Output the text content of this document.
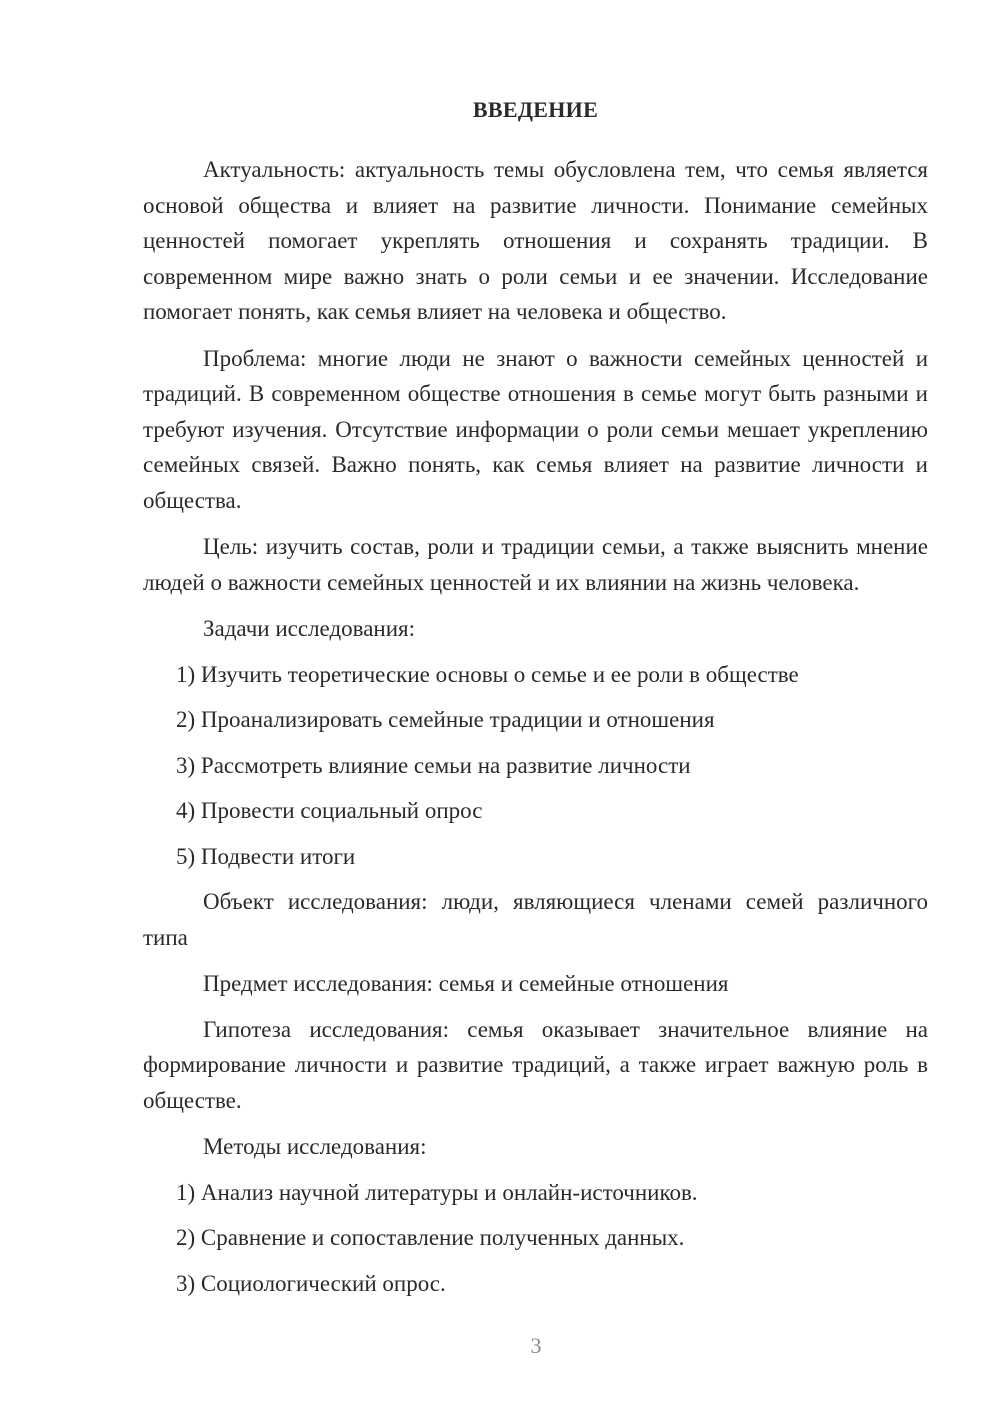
ВВЕДЕНИЕ

Актуальность: актуальность темы обусловлена тем, что семья является основой общества и влияет на развитие личности. Понимание семейных ценностей помогает укреплять отношения и сохранять традиции. В современном мире важно знать о роли семьи и ее значении. Исследование помогает понять, как семья влияет на человека и общество.

Проблема: многие люди не знают о важности семейных ценностей и традиций. В современном обществе отношения в семье могут быть разными и требуют изучения. Отсутствие информации о роли семьи мешает укреплению семейных связей. Важно понять, как семья влияет на развитие личности и общества.

Цель: изучить состав, роли и традиции семьи, а также выяснить мнение людей о важности семейных ценностей и их влиянии на жизнь человека.

Задачи исследования:

1) Изучить теоретические основы о семье и ее роли в обществе

2) Проанализировать семейные традиции и отношения

3) Рассмотреть влияние семьи на развитие личности

4) Провести социальный опрос

5) Подвести итоги

Объект исследования: люди, являющиеся членами семей различного типа

Предмет исследования: семья и семейные отношения

Гипотеза исследования: семья оказывает значительное влияние на формирование личности и развитие традиций, а также играет важную роль в обществе.

Методы исследования:

1) Анализ научной литературы и онлайн-источников.

2) Сравнение и сопоставление полученных данных.

3) Социологический опрос.

3
